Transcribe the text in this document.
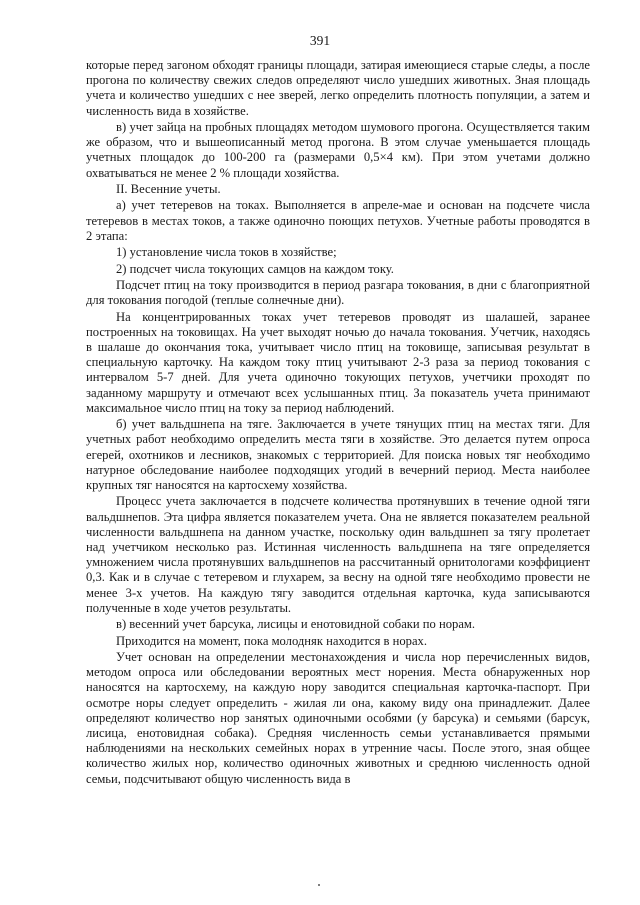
391

которые перед загоном обходят границы площади, затирая имеющиеся старые следы, а после прогона по количеству свежих следов определяют число ушедших животных. Зная площадь учета и количество ушедших с нее зверей, легко определить плотность популяции, а затем и численность вида в хозяйстве.

в) учет зайца на пробных площадях методом шумового прогона. Осуществляется таким же образом, что и вышеописанный метод прогона. В этом случае уменьшается площадь учетных площадок до 100-200 га (размерами 0,5×4 км). При этом учетами должно охватываться не менее 2 % площади хозяйства.

II. Весенние учеты.

а) учет тетеревов на токах. Выполняется в апреле-мае и основан на подсчете числа тетеревов в местах токов, а также одиночно поющих петухов. Учетные работы проводятся в 2 этапа:

1) установление числа токов в хозяйстве;

2) подсчет числа токующих самцов на каждом току.

Подсчет птиц на току производится в период разгара токования, в дни с благоприятной для токования погодой (теплые солнечные дни).

На концентрированных токах учет тетеревов проводят из шалашей, заранее построенных на токовищах. На учет выходят ночью до начала токования. Учетчик, находясь в шалаше до окончания тока, учитывает число птиц на токовище, записывая результат в специальную карточку. На каждом току птиц учитывают 2-3 раза за период токования с интервалом 5-7 дней. Для учета одиночно токующих петухов, учетчики проходят по заданному маршруту и отмечают всех услышанных птиц. За показатель учета принимают максимальное число птиц на току за период наблюдений.

б) учет вальдшнепа на тяге. Заключается в учете тянущих птиц на местах тяги. Для учетных работ необходимо определить места тяги в хозяйстве. Это делается путем опроса егерей, охотников и лесников, знакомых с территорией. Для поиска новых тяг необходимо натурное обследование наиболее подходящих угодий в вечерний период. Места наиболее крупных тяг наносятся на картосхему хозяйства.

Процесс учета заключается в подсчете количества протянувших в течение одной тяги вальдшнепов. Эта цифра является показателем учета. Она не является показателем реальной численности вальдшнепа на данном участке, поскольку один вальдшнеп за тягу пролетает над учетчиком несколько раз. Истинная численность вальдшнепа на тяге определяется умножением числа протянувших вальдшнепов на рассчитанный орнитологами коэффициент 0,3. Как и в случае с тетеревом и глухарем, за весну на одной тяге необходимо провести не менее 3-х учетов. На каждую тягу заводится отдельная карточка, куда записываются полученные в ходе учетов результаты.

в) весенний учет барсука, лисицы и енотовидной собаки по норам.

Приходится на момент, пока молодняк находится в норах.

Учет основан на определении местонахождения и числа нор перечисленных видов, методом опроса или обследовании вероятных мест норения. Места обнаруженных нор наносятся на картосхему, на каждую нору заводится специальная карточка-паспорт. При осмотре норы следует определить - жилая ли она, какому виду она принадлежит. Далее определяют количество нор занятых одиночными особями (у барсука) и семьями (барсук, лисица, енотовидная собака). Средняя численность семьи устанавливается прямыми наблюдениями на нескольких семейных норах в утренние часы. После этого, зная общее количество жилых нор, количество одиночных животных и среднюю численность одной семьи, подсчитывают общую численность вида в
